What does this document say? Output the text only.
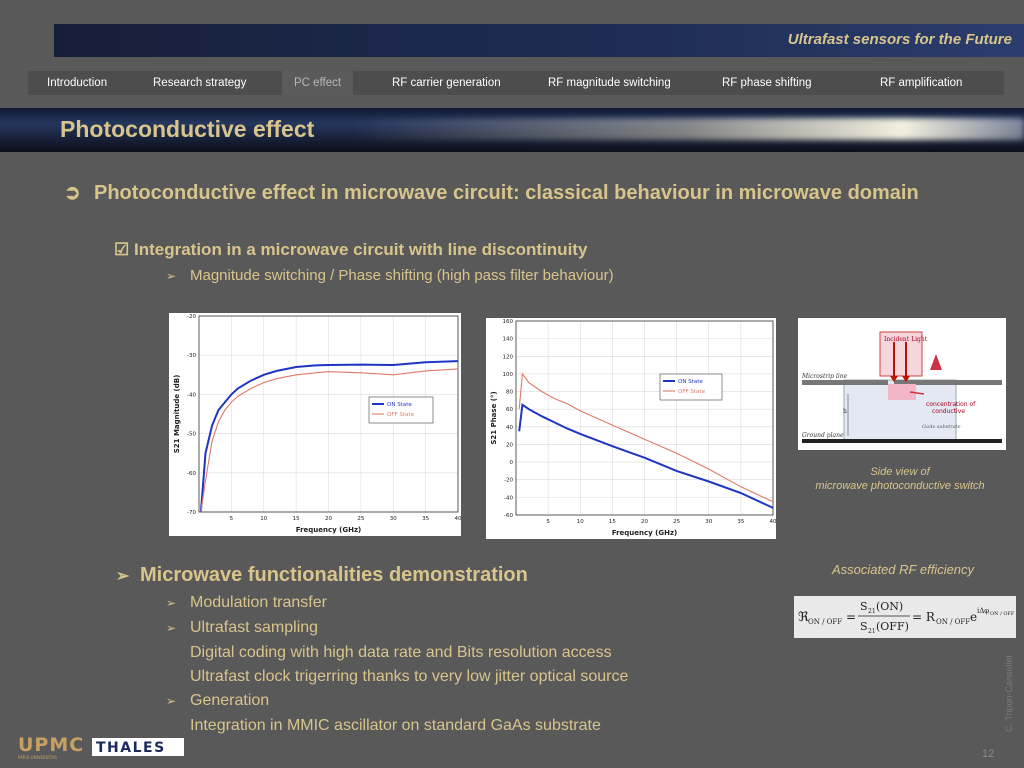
Ultrafast sensors for the Future
Introduction	Research strategy	PC effect	RF carrier generation	RF magnitude switching	RF phase shifting	RF amplification
Photoconductive effect
➲ Photoconductive effect in microwave circuit: classical behaviour in microwave domain
☑ Integration in a microwave circuit with line discontinuity
➢ Magnitude switching / Phase shifting (high pass filter behaviour)
5	10	15	20	25	30	35	40
-20
-30
-40
-50
-60
-70
Frequency (GHz)
S21 Magnitude (dB)	ON State
OFF State
5	10	15	20	25	30	35	40
160
140
120
100
80
60
40
20
0
-20
-40
-60
Frequency (GHz)
S21 Phase (°)
ON State
OFF State
Incident Light
Microstrip line
Ground plane
GaAs substrate
h
concentration of
conductive
Side view of
microwave photoconductive switch
Associated RF efficiency
ℜ ON / OFF =
S 21 (ON)
S 21 (OFF)
= R ON / OFF e iΔφ ON / OFF
➢ Microwave functionalities demonstration
➢ Modulation transfer
➢ Ultrafast sampling
Digital coding with high data rate and Bits resolution access
Ultrafast clock trigerring thanks to very low jitter optical source
➢ Generation
Integration in MMIC ascillator on standard GaAs substrate	C. Tripon-Canseliet
12
UPMC
PARIS UNIVERSITAS
THALES
